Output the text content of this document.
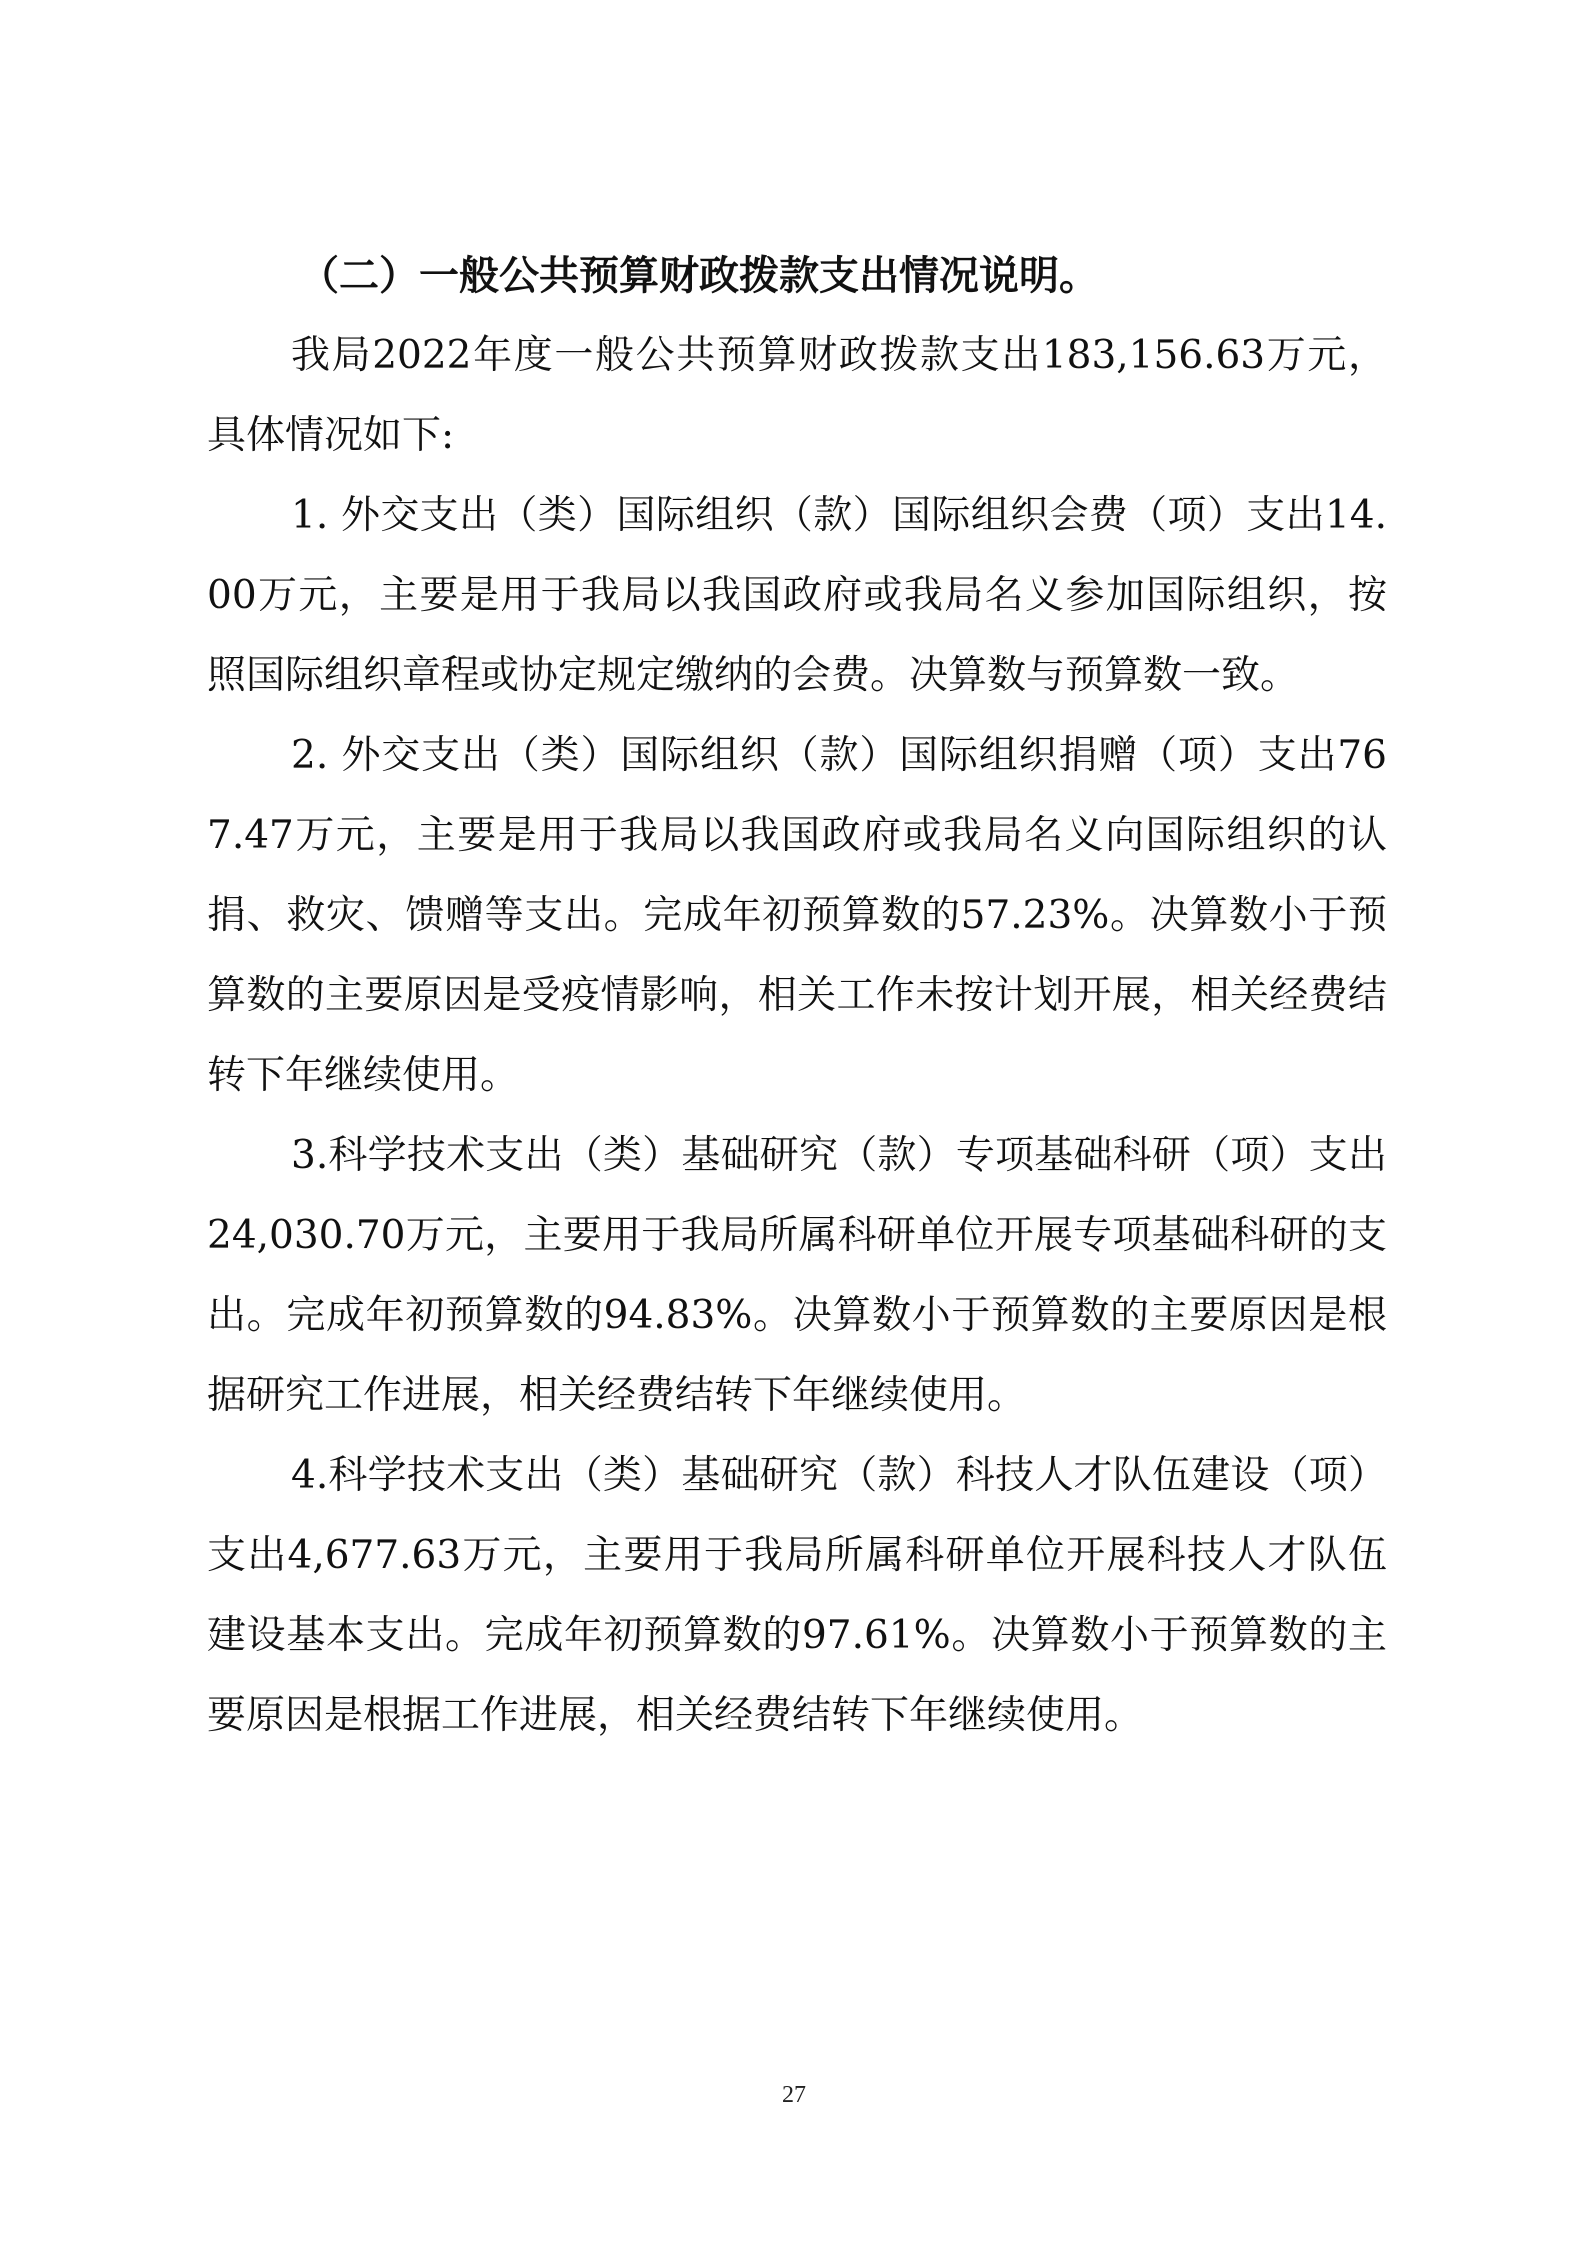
（二）一般公共预算财政拨款支出情况说明。

我局2022年度一般公共预算财政拨款支出183,156.63万元，具体情况如下:

1. 外交支出（类）国际组织（款）国际组织会费（项）支出14.00万元，主要是用于我局以我国政府或我局名义参加国际组织，按照国际组织章程或协定规定缴纳的会费。决算数与预算数一致。

2. 外交支出（类）国际组织（款）国际组织捐赠（项）支出767.47万元，主要是用于我局以我国政府或我局名义向国际组织的认捐、救灾、馈赠等支出。完成年初预算数的57.23%。决算数小于预算数的主要原因是受疫情影响，相关工作未按计划开展，相关经费结转下年继续使用。

3.科学技术支出（类）基础研究（款）专项基础科研（项）支出24,030.70万元，主要用于我局所属科研单位开展专项基础科研的支出。完成年初预算数的94.83%。决算数小于预算数的主要原因是根据研究工作进展，相关经费结转下年继续使用。

4.科学技术支出（类）基础研究（款）科技人才队伍建设（项）支出4,677.63万元，主要用于我局所属科研单位开展科技人才队伍建设基本支出。完成年初预算数的97.61%。决算数小于预算数的主要原因是根据工作进展，相关经费结转下年继续使用。

27
